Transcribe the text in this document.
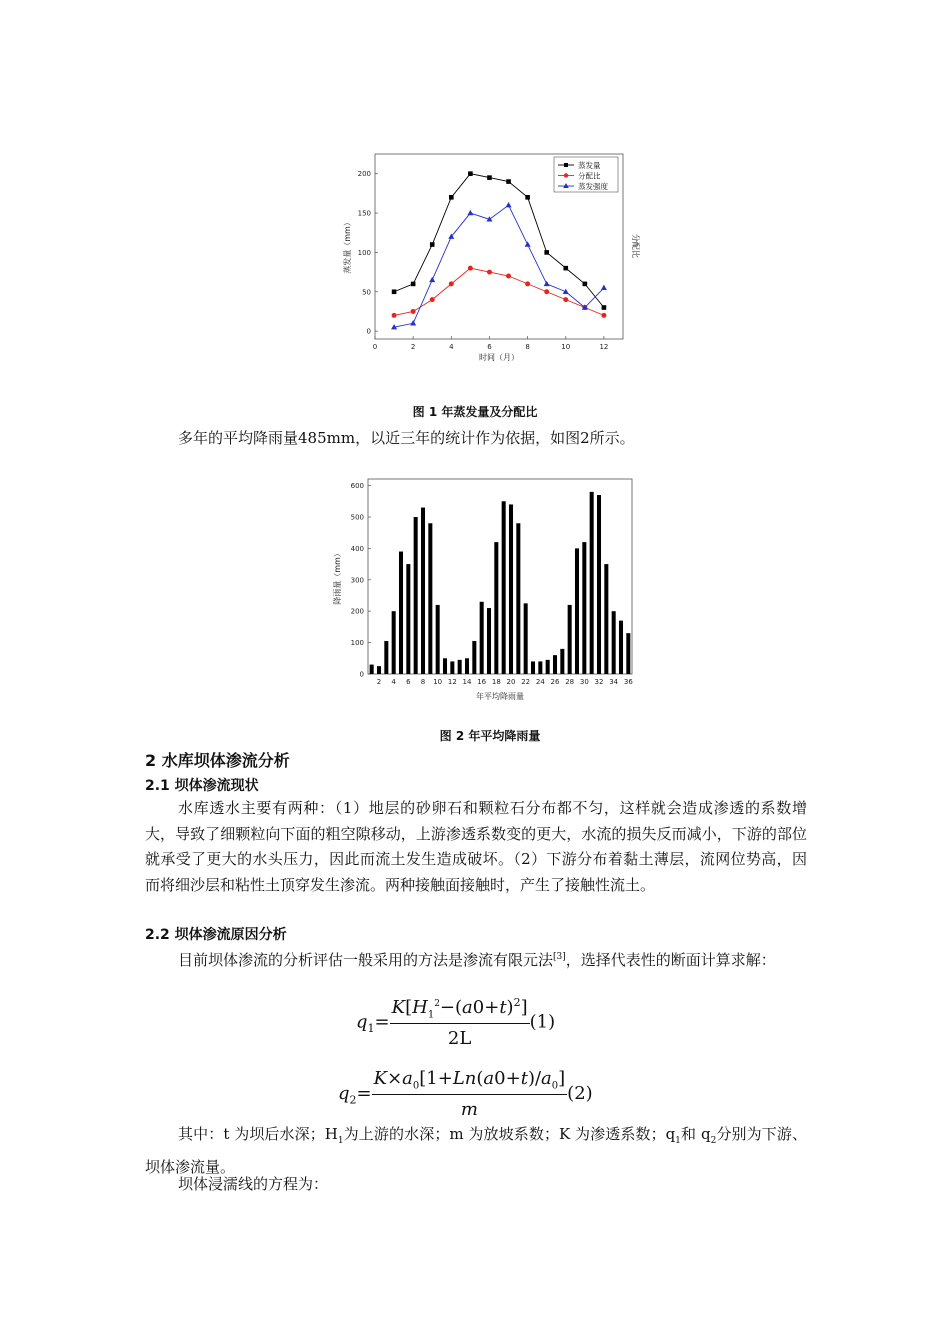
0	2	4	6	8	10	12
0
50
100
150
200
蒸发量
分配比
蒸发强度
蒸发量（mm）	分配比
时间（月）
图 1 年蒸发量及分配比
多年的平均降雨量485mm，以近三年的统计作为依据，如图2所示。
0
100
200
300
400
500
600
2 4 6 8 10 12 14 16 18 20 22 24 26 28 30 32 34 36
降雨量（mm）
年平均降雨量
图 2 年平均降雨量
2 水库坝体渗流分析
2.1 坝体渗流现状
水库透水主要有两种：（1）地层的砂卵石和颗粒石分布都不匀，这样就会造成渗透的系数增大，导致了细颗粒向下面的粗空隙移动，上游渗透系数变的更大，水流的损失反而减小，下游的部位就承受了更大的水头压力，因此而流土发生造成破坏。（2）下游分布着黏土薄层，流网位势高，因而将细沙层和粘性土顶穿发生渗流。两种接触面接触时，产生了接触性流土。
2.2 坝体渗流原因分析
目前坝体渗流的分析评估一般采用的方法是渗流有限元法[3]，选择代表性的断面计算求解：
$q_1= \frac{K[H_1^2-(a0+t)^2]}{2L} (1)$
$q_2= \frac{K\times a_0[1+Ln(a0+t)/a_0]}{m} (2)$
其中：t 为坝后水深；$H_1$为上游的水深；m 为放坡系数；K 为渗透系数；$q_1$和 $q_2$分别为下游、坝体渗流量。
坝体浸濡线的方程为：
